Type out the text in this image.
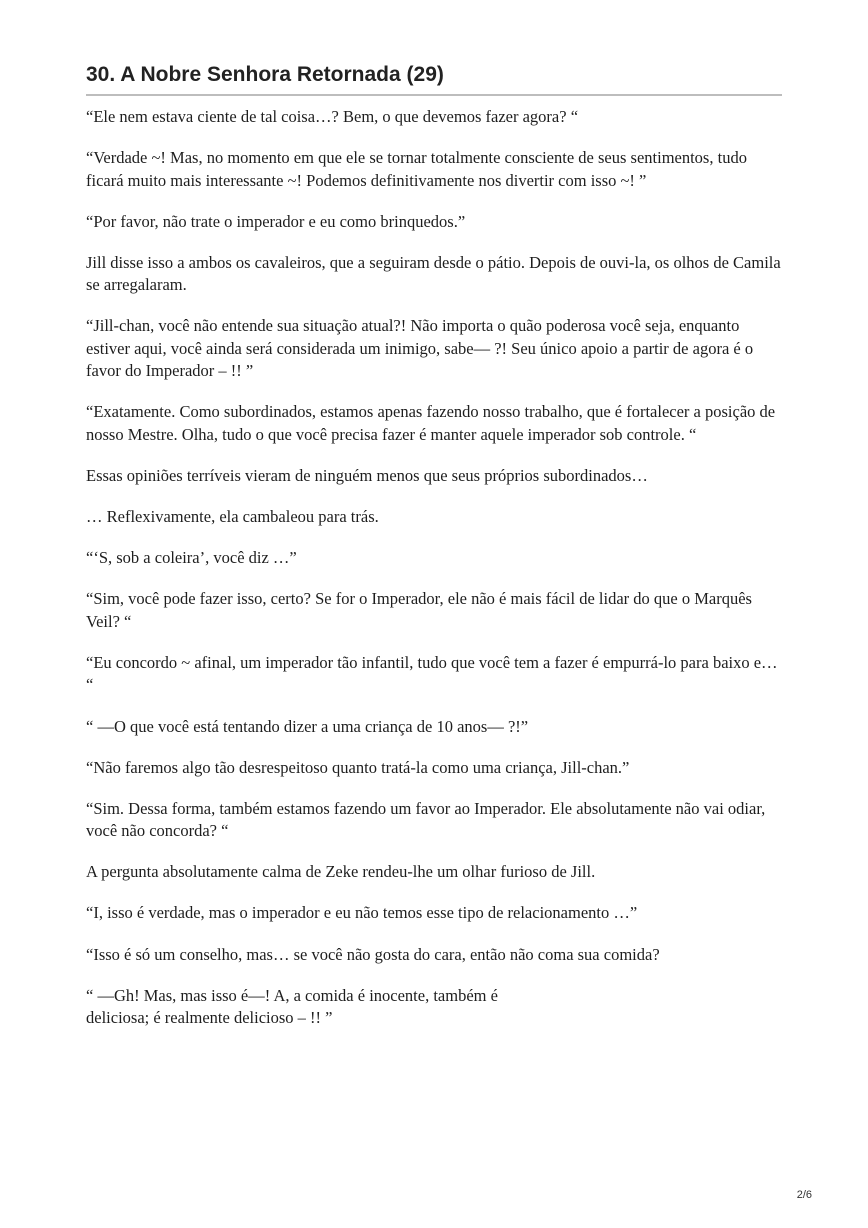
30. A Nobre Senhora Retornada (29)

“Ele nem estava ciente de tal coisa…? Bem, o que devemos fazer agora? “

“Verdade ~! Mas, no momento em que ele se tornar totalmente consciente de seus sentimentos, tudo ficará muito mais interessante ~! Podemos definitivamente nos divertir com isso ~! ”

“Por favor, não trate o imperador e eu como brinquedos.”

Jill disse isso a ambos os cavaleiros, que a seguiram desde o pátio. Depois de ouvi-la, os olhos de Camila se arregalaram.

“Jill-chan, você não entende sua situação atual?! Não importa o quão poderosa você seja, enquanto estiver aqui, você ainda será considerada um inimigo, sabe— ?! Seu único apoio a partir de agora é o favor do Imperador – !! ”

“Exatamente. Como subordinados, estamos apenas fazendo nosso trabalho, que é fortalecer a posição de nosso Mestre. Olha, tudo o que você precisa fazer é manter aquele imperador sob controle. “

Essas opiniões terríveis vieram de ninguém menos que seus próprios subordinados…

… Reflexivamente, ela cambaleou para trás.

“‘S, sob a coleira’, você diz …”

“Sim, você pode fazer isso, certo? Se for o Imperador, ele não é mais fácil de lidar do que o Marquês Veil? “

“Eu concordo ~ afinal, um imperador tão infantil, tudo que você tem a fazer é empurrá-lo para baixo e… “

“ —O que você está tentando dizer a uma criança de 10 anos— ?!”

“Não faremos algo tão desrespeitoso quanto tratá-la como uma criança, Jill-chan.”

“Sim. Dessa forma, também estamos fazendo um favor ao Imperador. Ele absolutamente não vai odiar, você não concorda? “

A pergunta absolutamente calma de Zeke rendeu-lhe um olhar furioso de Jill.

“I, isso é verdade, mas o imperador e eu não temos esse tipo de relacionamento …”

“Isso é só um conselho, mas… se você não gosta do cara, então não coma sua comida?

“ —Gh! Mas, mas isso é—! A, a comida é inocente, também é
deliciosa; é realmente delicioso – !! ”

2/6
